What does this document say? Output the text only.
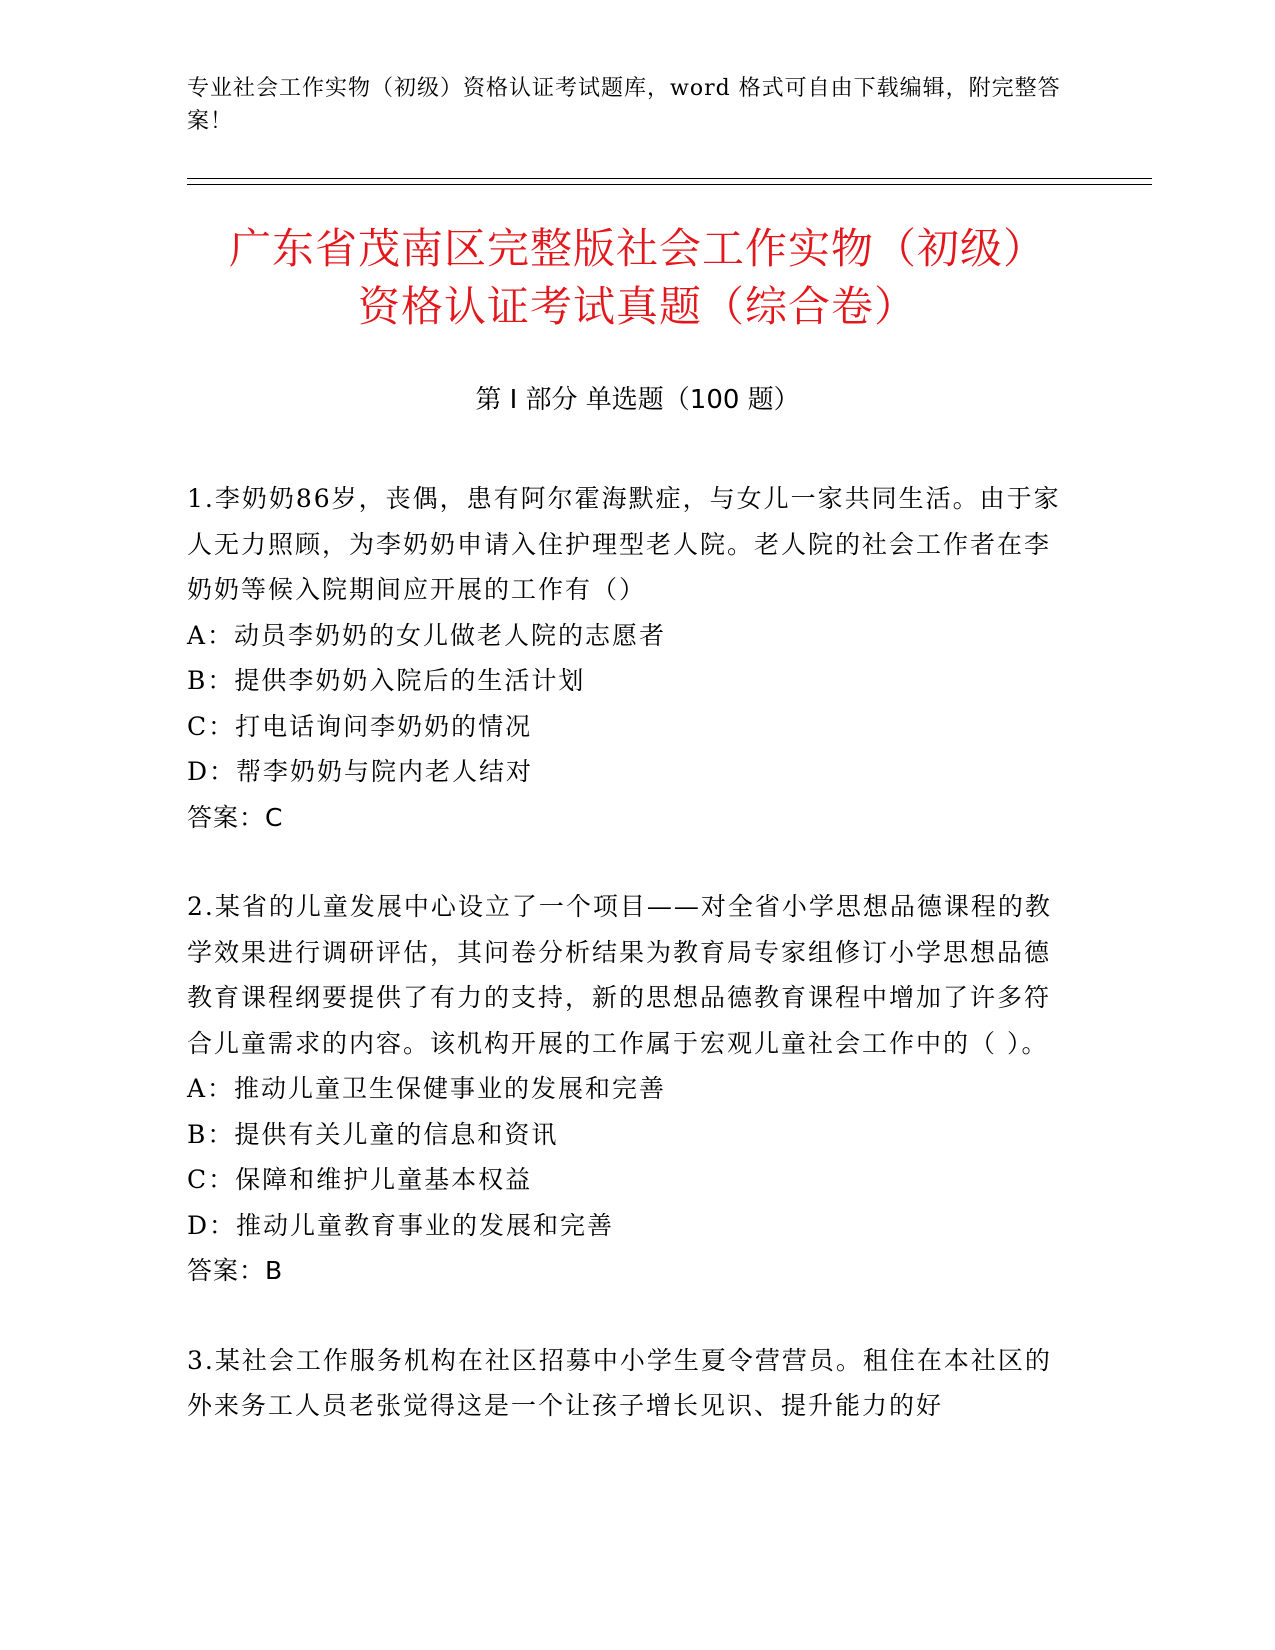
专业社会工作实物（初级）资格认证考试题库，word 格式可自由下载编辑，附完整答案！
广东省茂南区完整版社会工作实物（初级）
资格认证考试真题（综合卷）
第 I 部分 单选题（100 题）

1.李奶奶86岁，丧偶，患有阿尔霍海默症，与女儿一家共同生活。由于家人无力照顾，为李奶奶申请入住护理型老人院。老人院的社会工作者在李奶奶等候入院期间应开展的工作有（）

A：动员李奶奶的女儿做老人院的志愿者

B：提供李奶奶入院后的生活计划

C：打电话询问李奶奶的情况

D：帮李奶奶与院内老人结对

答案：C

2.某省的儿童发展中心设立了一个项目——对全省小学思想品德课程的教学效果进行调研评估，其问卷分析结果为教育局专家组修订小学思想品德教育课程纲要提供了有力的支持，新的思想品德教育课程中增加了许多符合儿童需求的内容。该机构开展的工作属于宏观儿童社会工作中的（ ）。

A：推动儿童卫生保健事业的发展和完善

B：提供有关儿童的信息和资讯

C：保障和维护儿童基本权益

D：推动儿童教育事业的发展和完善

答案：B

3.某社会工作服务机构在社区招募中小学生夏令营营员。租住在本社区的外来务工人员老张觉得这是一个让孩子增长见识、提升能力的好
